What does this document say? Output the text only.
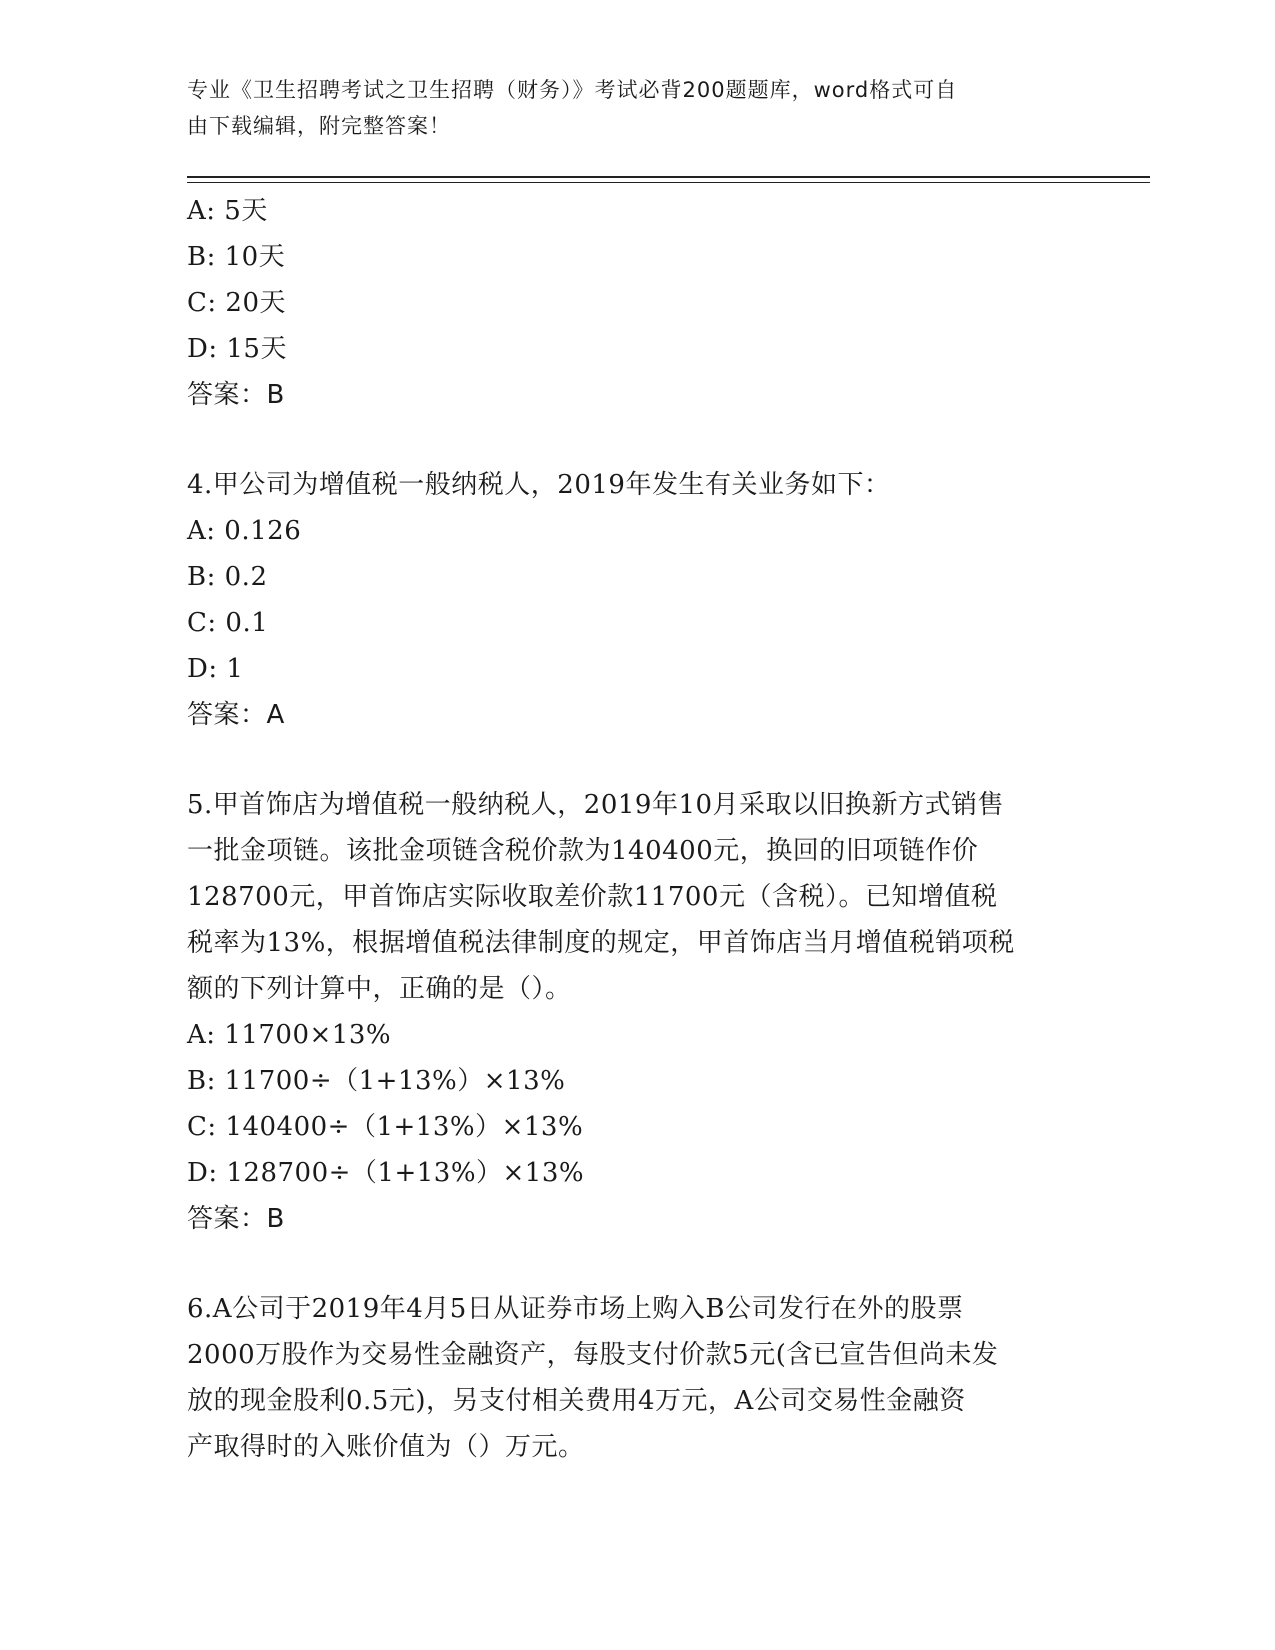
专业《卫生招聘考试之卫生招聘（财务）》考试必背200题题库，word格式可自
由下载编辑，附完整答案！
A: 5天
B: 10天
C: 20天
D: 15天
答案：B
4.甲公司为增值税一般纳税人，2019年发生有关业务如下：
A: 0.126
B: 0.2
C: 0.1
D: 1
答案：A
5.甲首饰店为增值税一般纳税人，2019年10月采取以旧换新方式销售
一批金项链。该批金项链含税价款为140400元，换回的旧项链作价
128700元，甲首饰店实际收取差价款11700元（含税）。已知增值税
税率为13%，根据增值税法律制度的规定，甲首饰店当月增值税销项税
额的下列计算中，正确的是（）。
A: 11700×13%
B: 11700÷（1+13%）×13%
C: 140400÷（1+13%）×13%
D: 128700÷（1+13%）×13%
答案：B
6.A公司于2019年4月5日从证券市场上购入B公司发行在外的股票
2000万股作为交易性金融资产，每股支付价款5元(含已宣告但尚未发
放的现金股利0.5元)，另支付相关费用4万元，A公司交易性金融资
产取得时的入账价值为（）万元。
